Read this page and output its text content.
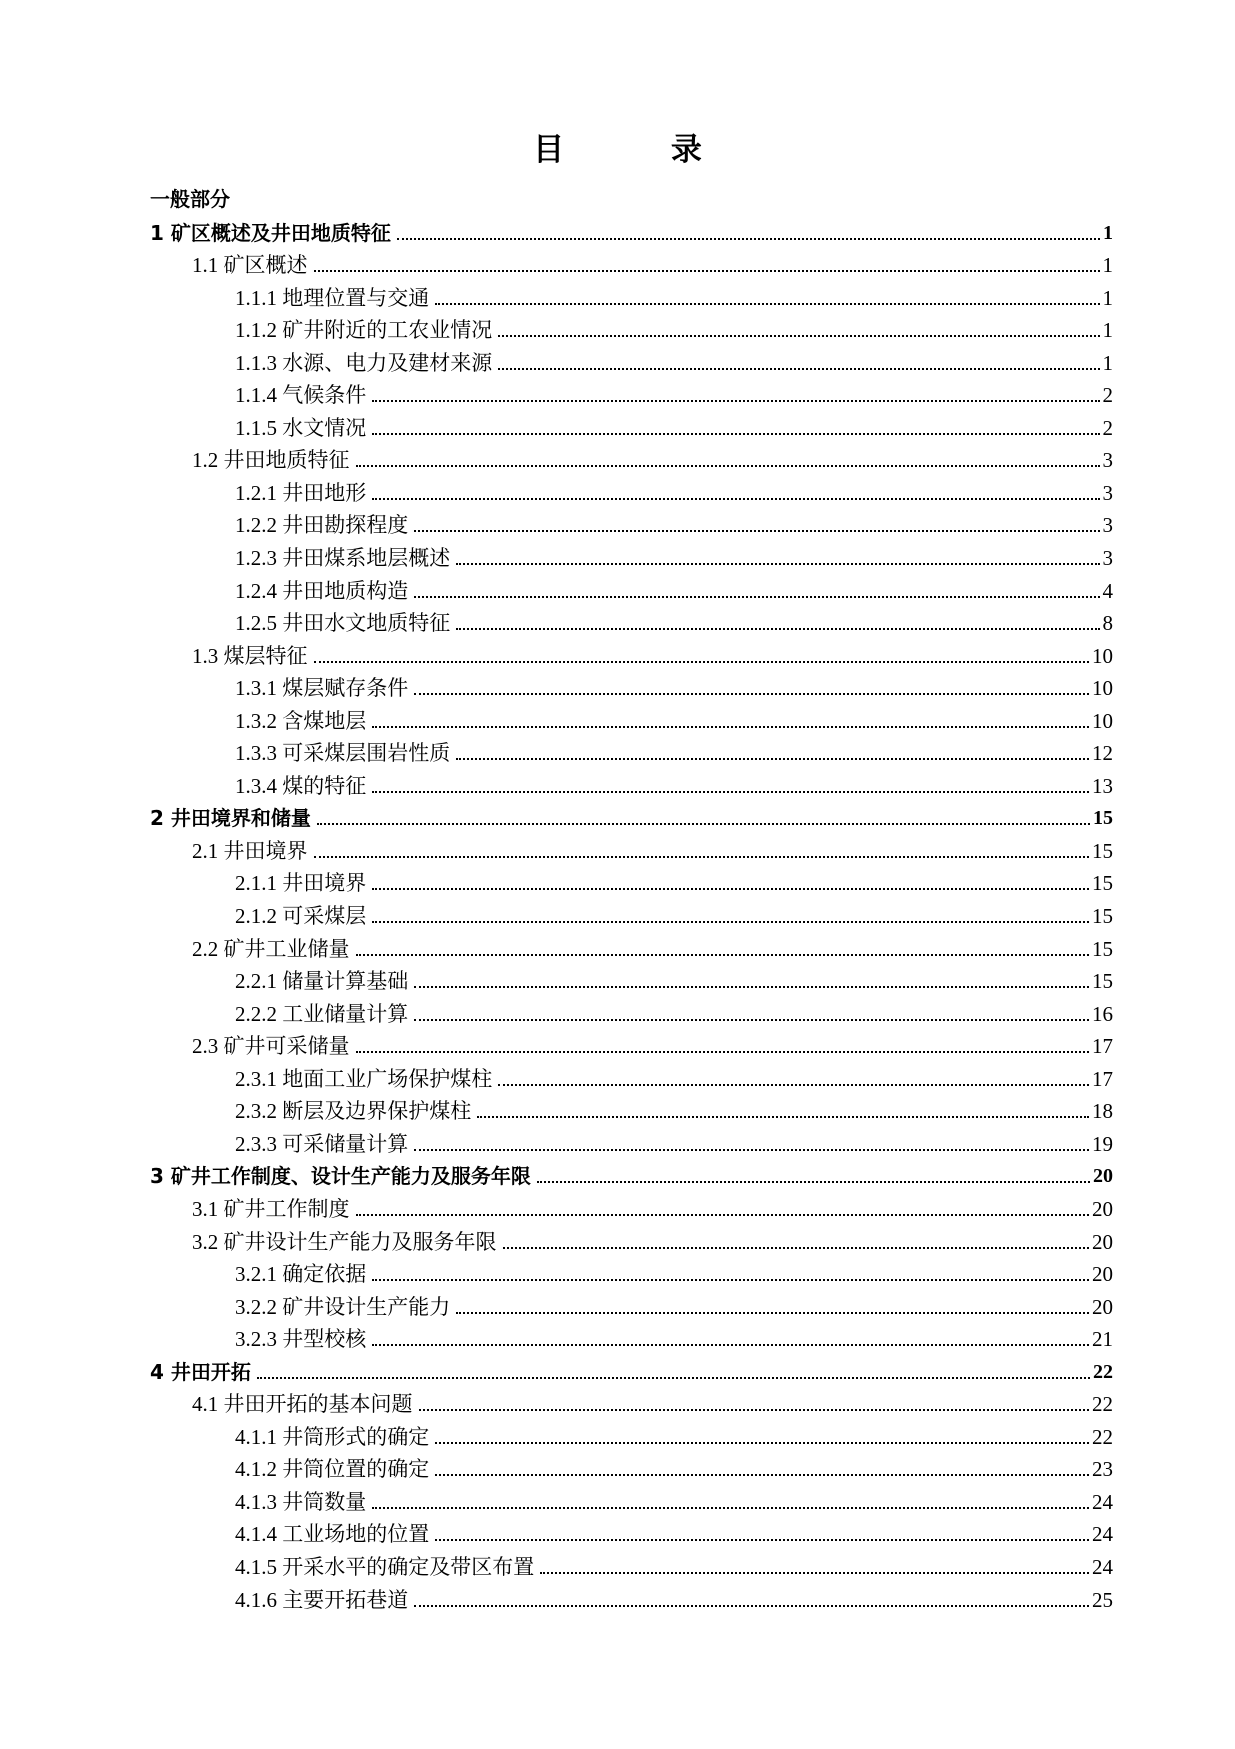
目 录
一般部分
1 矿区概述及井田地质特征	1
1.1 矿区概述	1
1.1.1 地理位置与交通	1
1.1.2 矿井附近的工农业情况	1
1.1.3 水源、电力及建材来源	1
1.1.4 气候条件	2
1.1.5 水文情况	2
1.2 井田地质特征	3
1.2.1 井田地形	3
1.2.2 井田勘探程度	3
1.2.3 井田煤系地层概述	3
1.2.4 井田地质构造	4
1.2.5 井田水文地质特征	8
1.3 煤层特征	10
1.3.1 煤层赋存条件	10
1.3.2 含煤地层	10
1.3.3 可采煤层围岩性质	12
1.3.4 煤的特征	13
2 井田境界和储量	15
2.1 井田境界	15
2.1.1 井田境界	15
2.1.2 可采煤层	15
2.2 矿井工业储量	15
2.2.1 储量计算基础	15
2.2.2 工业储量计算	16
2.3 矿井可采储量	17
2.3.1 地面工业广场保护煤柱	17
2.3.2 断层及边界保护煤柱	18
2.3.3 可采储量计算	19
3 矿井工作制度、设计生产能力及服务年限	20
3.1 矿井工作制度	20
3.2 矿井设计生产能力及服务年限	20
3.2.1 确定依据	20
3.2.2 矿井设计生产能力	20
3.2.3 井型校核	21
4 井田开拓	22
4.1 井田开拓的基本问题	22
4.1.1 井筒形式的确定	22
4.1.2 井筒位置的确定	23
4.1.3 井筒数量	24
4.1.4 工业场地的位置	24
4.1.5 开采水平的确定及带区布置	24
4.1.6 主要开拓巷道	25
